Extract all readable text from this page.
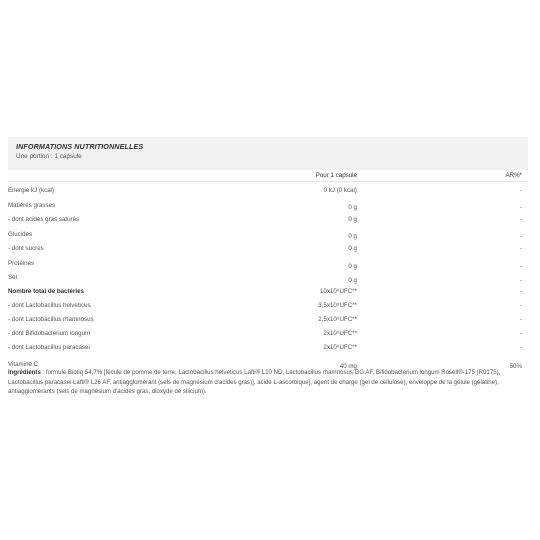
INFORMATIONS NUTRITIONNELLES
Une portion : 1 capsule
Pour 1 capsule	AR%*
Energie kJ (kcal)	0 kJ (0 kcal)	-
Matières grasses	0 g	-
- dont acides gras saturés	0 g	-
Glucides	0 g	-
- dont sucres	0 g	-
Protéines	0 g	-
Sel	0 g	-
Nombre total de bactéries	10x10⁹UFC**	-
- dont Lactobacillus helveticus	3,5x10⁹UFC**	-
- dont Lactobacillus rhamnosus	2,5x10⁹UFC**	-
- dont Bifidobacterium longum	2x10⁹UFC**	-
- dont Lactobacillus paracasei	2x10⁹UFC**	-
Vitamine C	40 mg	50%
Ingrédients : formule Biotiq 54,7% [fécule de pomme de terre, Lactobacillus helveticus Lafti® L10 ND, Lactobacillus rhamnosus GG AF, Bifidobacterium longum Rosell®-175 (R0175), Lactobacillus paracasei Lafti® L26 AF, antiagglomérant (sels de magnésium d'acides gras)], acide L-ascorbique], agent de charge (gel de cellulose), enveloppe de la gélule (gélatine), antiagglomérants (sels de magnésium d'acides gras, dioxyde de silicium).
